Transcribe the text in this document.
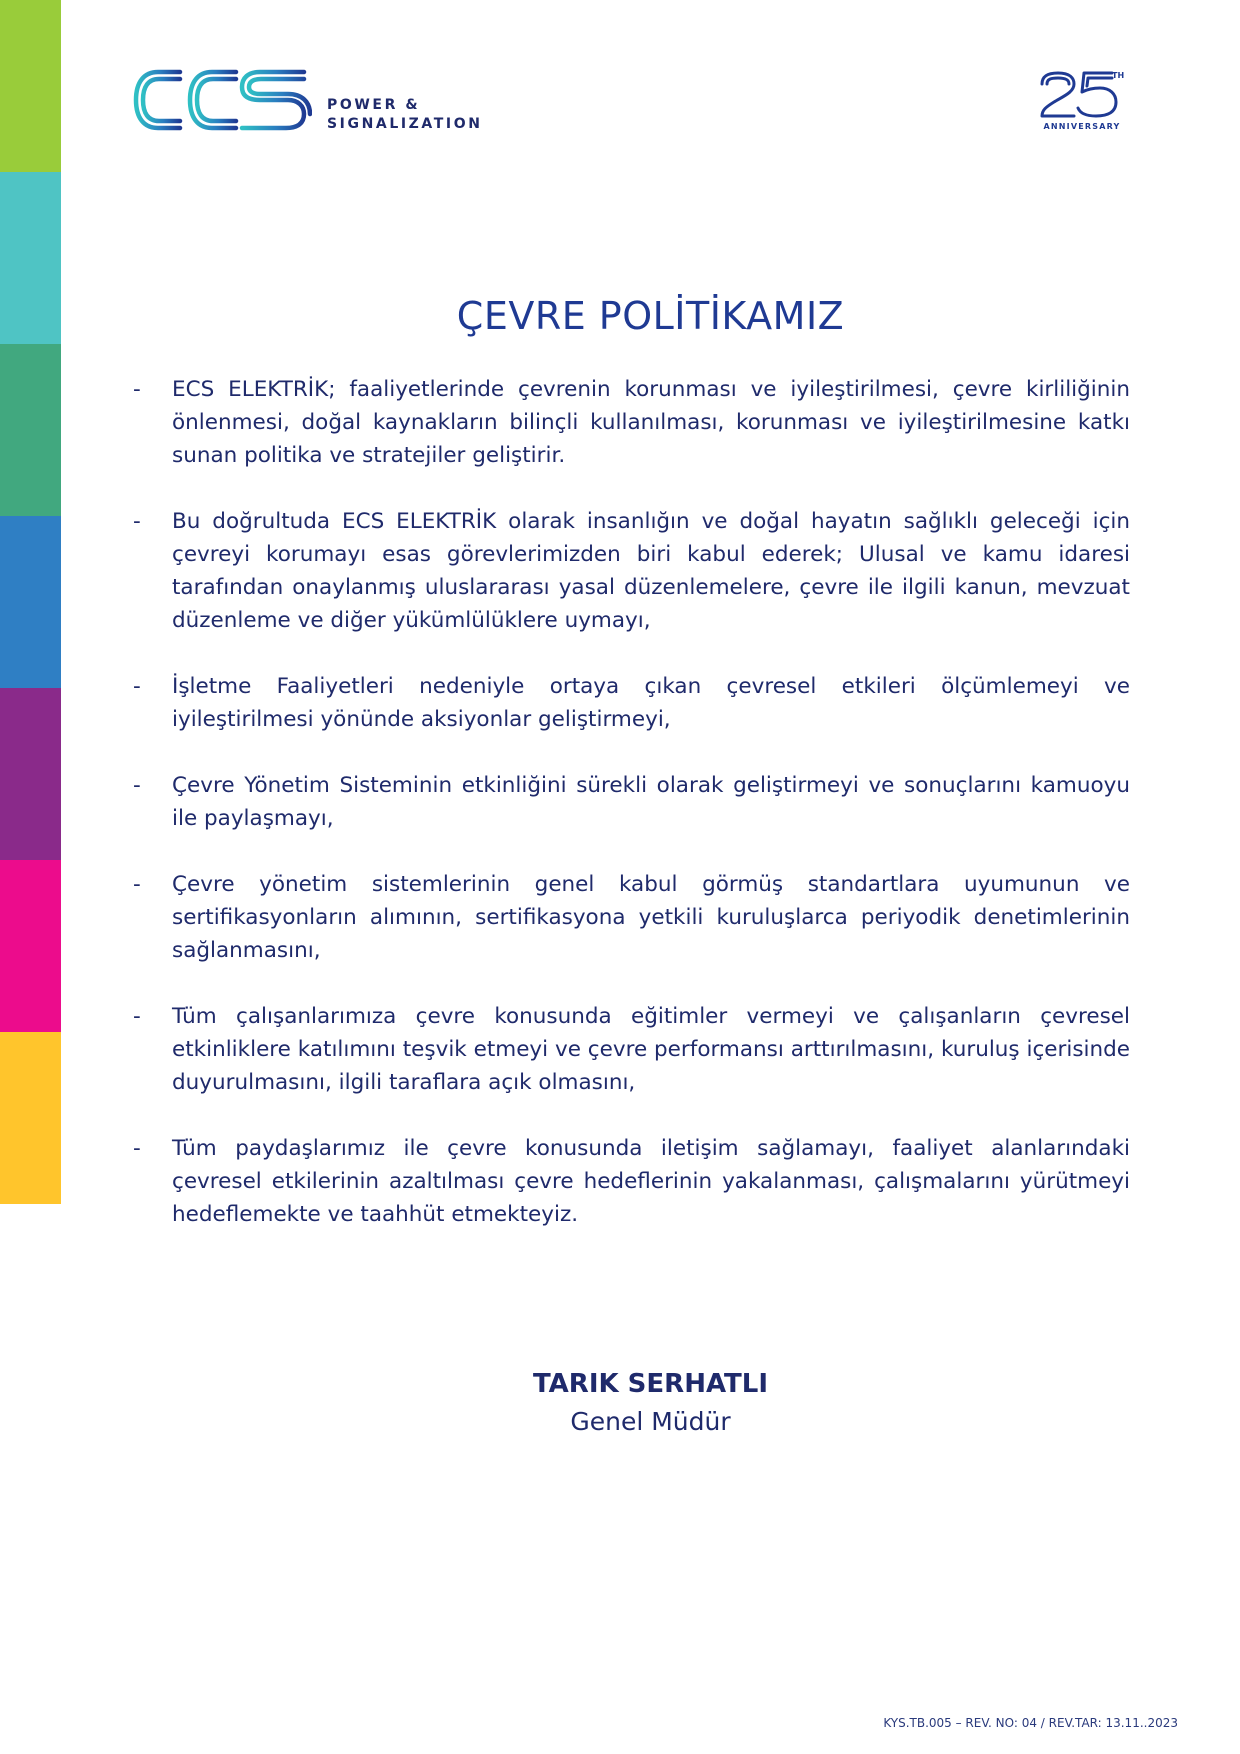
POWER &
SIGNALIZATION
TH
ANNIVERSARY
ÇEVRE POLİTİKAMIZ
- ECS ELEKTRİK; faaliyetlerinde çevrenin korunması ve iyileştirilmesi, çevre kirliliğinin önlenmesi, doğal kaynakların bilinçli kullanılması, korunması ve iyileştirilmesine katkı sunan politika ve stratejiler geliştirir.
- Bu doğrultuda ECS ELEKTRİK olarak insanlığın ve doğal hayatın sağlıklı geleceği için çevreyi korumayı esas görevlerimizden biri kabul ederek; Ulusal ve kamu idaresi tarafından onaylanmış uluslararası yasal düzenlemelere, çevre ile ilgili kanun, mevzuat düzenleme ve diğer yükümlülüklere uymayı,
- İşletme Faaliyetleri nedeniyle ortaya çıkan çevresel etkileri ölçümlemeyi ve iyileştirilmesi yönünde aksiyonlar geliştirmeyi,
- Çevre Yönetim Sisteminin etkinliğini sürekli olarak geliştirmeyi ve sonuçlarını kamuoyu ile paylaşmayı,
- Çevre yönetim sistemlerinin genel kabul görmüş standartlara uyumunun ve sertifikasyonların alımının, sertifikasyona yetkili kuruluşlarca periyodik denetimlerinin sağlanmasını,
- Tüm çalışanlarımıza çevre konusunda eğitimler vermeyi ve çalışanların çevresel etkinliklere katılımını teşvik etmeyi ve çevre performansı arttırılmasını, kuruluş içerisinde duyurulmasını, ilgili taraflara açık olmasını,
- Tüm paydaşlarımız ile çevre konusunda iletişim sağlamayı, faaliyet alanlarındaki çevresel etkilerinin azaltılması çevre hedeflerinin yakalanması, çalışmalarını yürütmeyi hedeflemekte ve taahhüt etmekteyiz.
TARIK SERHATLI
Genel Müdür
KYS.TB.005 – REV. NO: 04 / REV.TAR: 13.11..2023
